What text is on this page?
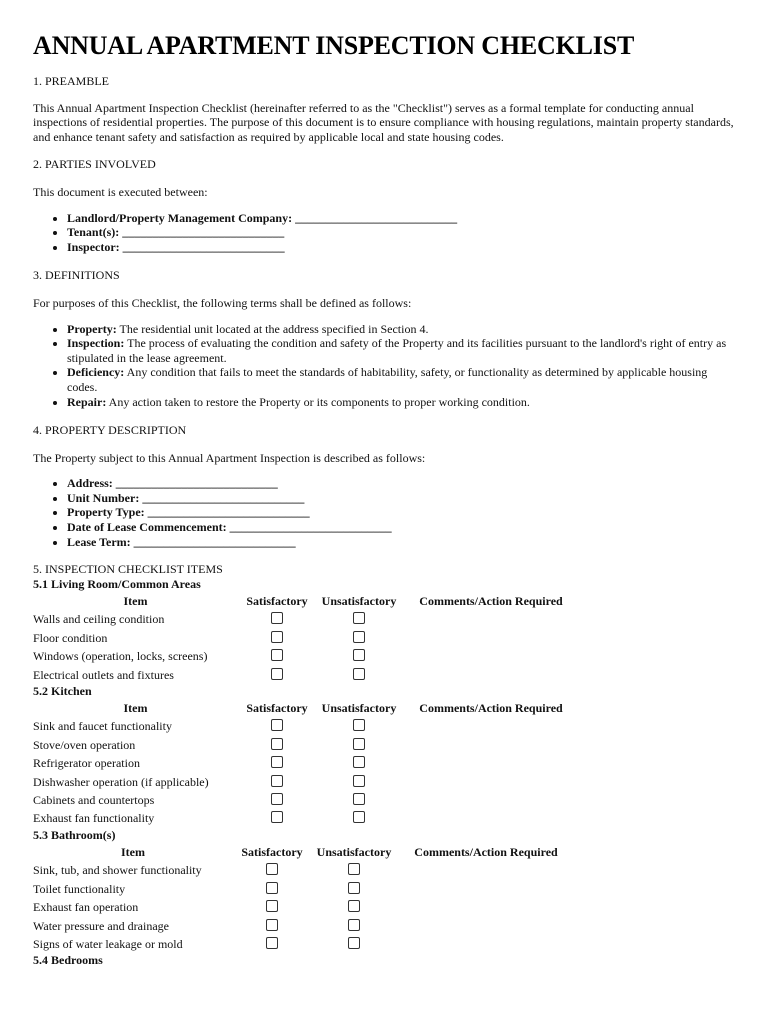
ANNUAL APARTMENT INSPECTION CHECKLIST
1. PREAMBLE

This Annual Apartment Inspection Checklist (hereinafter referred to as the "Checklist") serves as a formal template for conducting annual inspections of residential properties. The purpose of this document is to ensure compliance with housing regulations, maintain property standards, and enhance tenant safety and satisfaction as required by applicable local and state housing codes.

2. PARTIES INVOLVED

This document is executed between:

• Landlord/Property Management Company: ___________________________
• Tenant(s): ___________________________
• Inspector: ___________________________
3. DEFINITIONS

For purposes of this Checklist, the following terms shall be defined as follows:

• Property: The residential unit located at the address specified in Section 4.
• Inspection: The process of evaluating the condition and safety of the Property and its facilities pursuant to the landlord's right of entry as stipulated in the lease agreement.
• Deficiency: Any condition that fails to meet the standards of habitability, safety, or functionality as determined by applicable housing codes.
• Repair: Any action taken to restore the Property or its components to proper working condition.
4. PROPERTY DESCRIPTION

The Property subject to this Annual Apartment Inspection is described as follows:

• Address: ___________________________
• Unit Number: ___________________________
• Property Type: ___________________________
• Date of Lease Commencement: ___________________________
• Lease Term: ___________________________
5. INSPECTION CHECKLIST ITEMS
5.1 Living Room/Common Areas
Item	Satisfactory	Unsatisfactory	Comments/Action Required
Walls and ceiling condition			
Floor condition			
Windows (operation, locks, screens)			
Electrical outlets and fixtures			
5.2 Kitchen
Item	Satisfactory	Unsatisfactory	Comments/Action Required
Sink and faucet functionality			
Stove/oven operation			
Refrigerator operation			
Dishwasher operation (if applicable)			
Cabinets and countertops			
Exhaust fan functionality			
5.3 Bathroom(s)
Item	Satisfactory	Unsatisfactory	Comments/Action Required
Sink, tub, and shower functionality			
Toilet functionality			
Exhaust fan operation			
Water pressure and drainage			
Signs of water leakage or mold			
5.4 Bedrooms
